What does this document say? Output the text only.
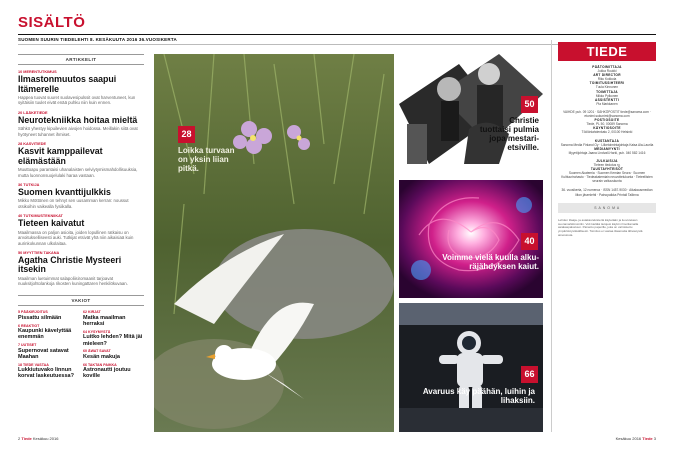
SISÄLTÖ
SUOMEN SUURIN TIEDELEHTI 8. KESÄKUUTA 2016 36.VUOSIKERTA
ARTIKKELIT
10 MERENTUTKIMUS
Ilmastonmuutos saapui Itämerelle
Happea tuovat suuret suolavesipulssit ovat harventuneet, kun syitäisiin tuulet eivät enää puhku niin kuin ennen.
20 LÄÄKETIEDE
Neurotekniikka hoitaa mieltä
Sähkö yhestyy kipuilevien aivojen hoidossa. Meillakin siitä ovat hyötyneet tuhannet ihmiset.
28 KASVITIEDE
Kasvit kamppailevat elämästään
Muuttoapu parantaisi uhanalaisten selviytymismahdollisuuksia, mutta luonnonsuojelulaki haraa vastaan.
36 TUTKIJA
Suomen kvanttijulkkis
Mikko Möttönen on tehnyt sen uusamman kerran: noussut otsikoihin vaikealla fysiikalla.
40 TUTKIMUSTEKNIIKAT
Tieteen kaivatut
Maailmassa on paljon asioita, joiden lopullinen ratkaisu on arvoitukselliseesti auki. Tutkijat etsivät yhä niin aikaisiaä kuin aurinkokunnan ulkolaitaa.
50 MYYTTIEN TAKANA
Agatha Christie Mysteeri itsekin
Maailman luetuimmat salapoliisiromaanit tarjoavat nuuksitjohtolankoja rikosten kuningattaren henkilökuvaan.
VAKIOT
5 PÄÄKIRJOITUS
Pissattu silmään
6 REAKTIOT
Kaupunki kävelyttää enemmän
7 UUTISET
Supernovat satavat Maahan
18 TIEDE VASTAA
Lukkiutuvako linnun korvat laskeutuessa?
62 KIRJAT
Matka maailman herraksi
64 KYSYMYSTÄ
Luitko lehden? Mitä jäi mieleen?
60 ÄWAT SAVAT
Kesän makuja
66 TAKTAN PAIKKA
Astronautti joutuu koville
28
Loikka turvaan on yksin liian pitkä.
50
Christie tuottaisi pulmia jopa mestari-etsiville.
40
Voimme vielä kuulla alku-räjähdyksen kaiut.
66
Avaruus käy päähän, luihin ja lihaksiin.
TIEDE
PÄÄTOIMITTAJA
Jukka Ruukki
ART DIRECTOR
Riku Kokkola
TOIMITUSSIHTEERI
Tuula Kinnunen
TOIMITTAJA
Mikko Pylkonen
ASSISTENTTI
Pia Markkanen
VAIHDE puh. 09 1201 · SÄHKÖPOSTIT tiede@sanoma.com · etunimi.sukunimi@sanoma.com
POSTIOSOITE
Tiede, PL 50, 00089 Sanoma
KÄYNTIOSOITE
Töölönlahdenkatu 2, 00100 Helsinki
KUSTANTAJA
Sanoma Media Finland Oy · Liiketoimintajohtaja Kaisa Ala-Laurila
MEDIAMYYNTI
Myyntijohtaja Jaana Lindvall-Harki, puh. 040 582 1416
JULKAISIJA
Tieteen tiedotus ry.
TAUSTAYHTEISÖT
Suomen Akatemia · Suomen Kemian Seura · Suomen Kulttuurirahasto · Tiedeakatemiain neuvottelukunta · Tieteellisten seurain valtuuskunta
36. vuosikerta, 12 numeroa · ISSN 1457-9030 · Aikakausmedian liiton jäsenlehti · Painopaikka Printall Tallinna
S A N O M A
Lehden tilaaja- ja asiakasrekisteriä käytetään ja luovutetaan suoramarkkinointiin. Voit kieltää tietojesi käytön ilmoittamalla asiakaspalveluun. Painettu paperille, joka on valmistettu ympäristöystävällisesti. Toimitus ei vastaa tilaamatta lähetetystä aineistosta.
2 Tiede Kesäkuu 2016	Kesäkuu 2016 Tiede 3
